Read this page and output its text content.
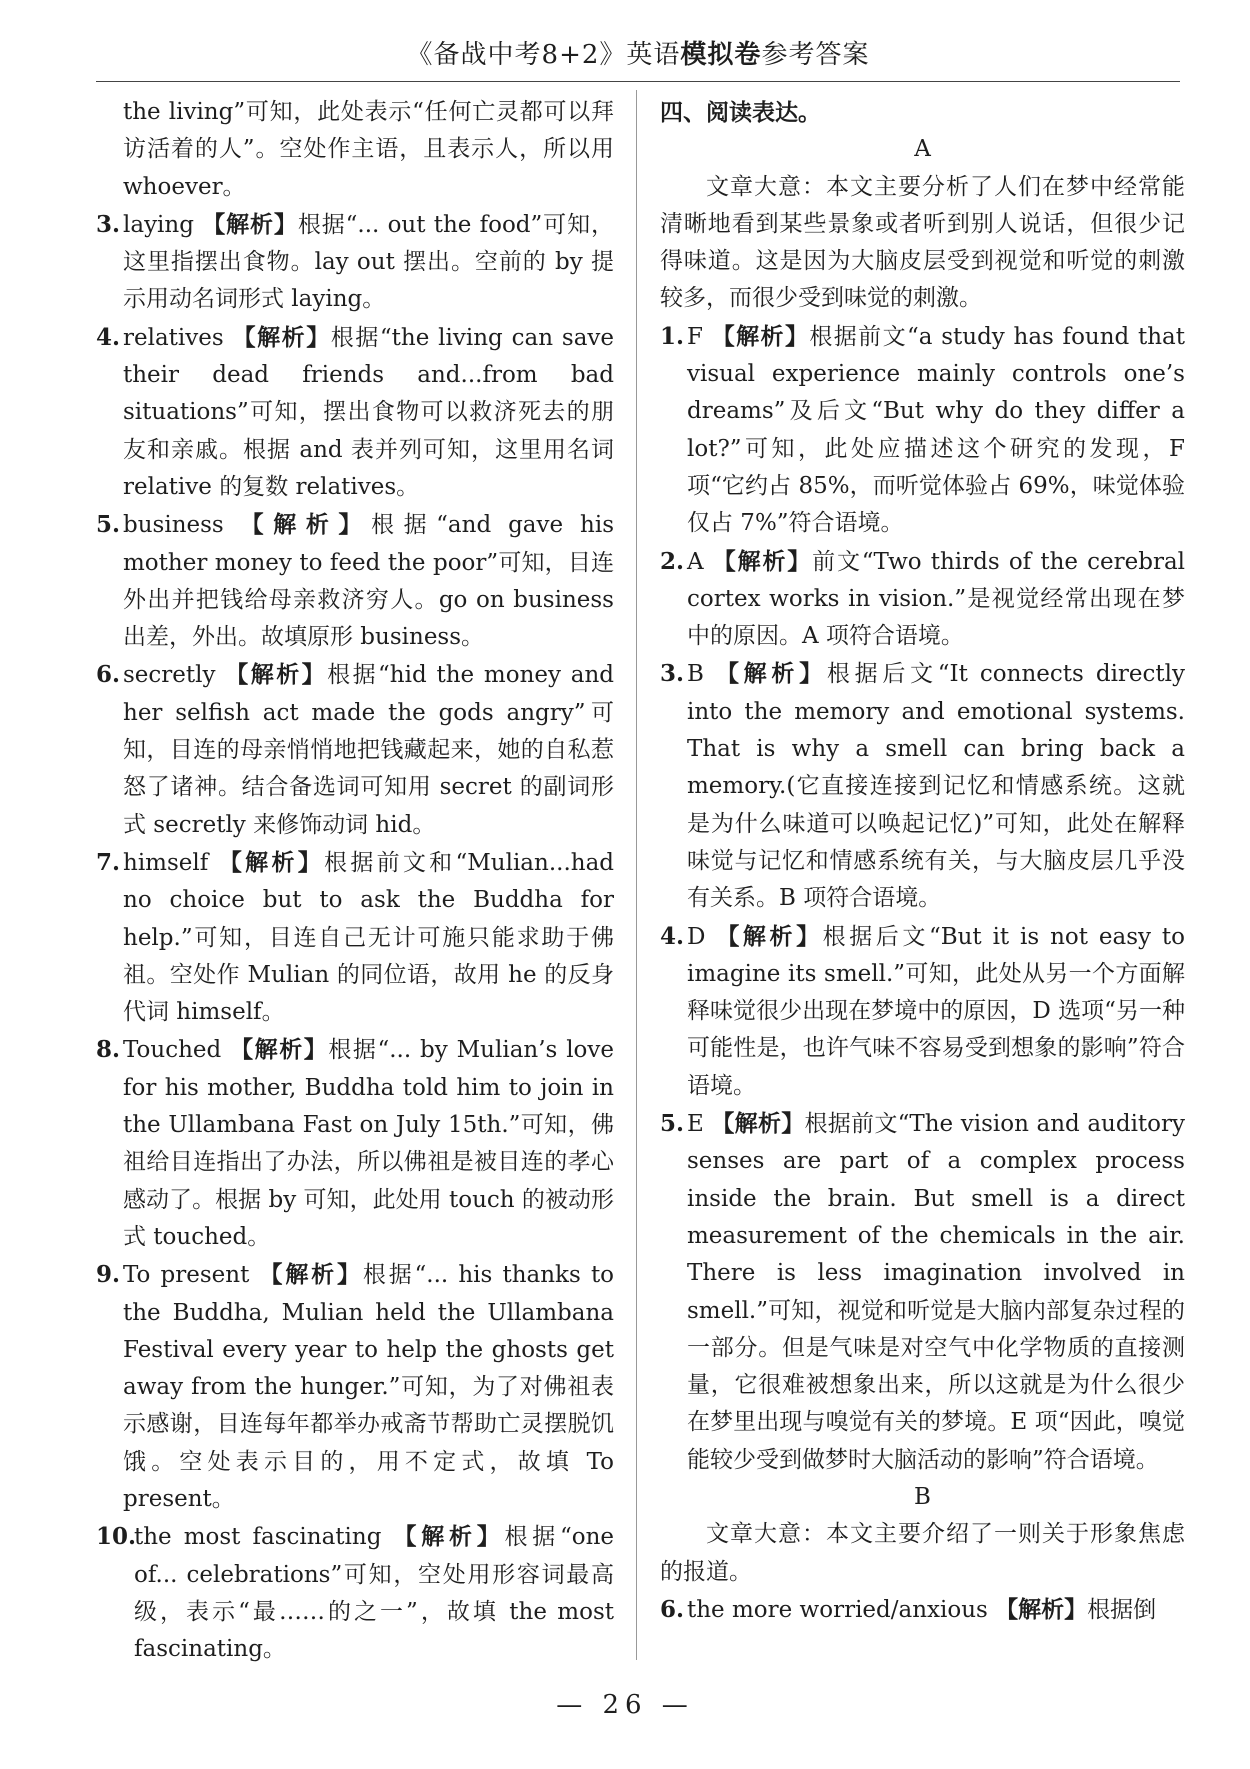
《备战中考8+2》英语模拟卷参考答案
the living”可知，此处表示“任何亡灵都可以拜访活着的人”。空处作主语，且表示人，所以用 whoever。
3. laying 【解析】根据“... out the food”可知，这里指摆出食物。lay out 摆出。空前的 by 提示用动名词形式 laying。
4. relatives 【解析】根据“the living can save their dead friends and...from bad situations”可知，摆出食物可以救济死去的朋友和亲戚。根据 and 表并列可知，这里用名词 relative 的复数 relatives。
5. business 【解析】根据“and gave his mother money to feed the poor”可知，目连外出并把钱给母亲救济穷人。go on business 出差，外出。故填原形 business。
6. secretly 【解析】根据“hid the money and her selfish act made the gods angry”可知，目连的母亲悄悄地把钱藏起来，她的自私惹怒了诸神。结合备选词可知用 secret 的副词形式 secretly 来修饰动词 hid。
7. himself 【解析】根据前文和“Mulian...had no choice but to ask the Buddha for help.”可知，目连自己无计可施只能求助于佛祖。空处作 Mulian 的同位语，故用 he 的反身代词 himself。
8. Touched 【解析】根据“... by Mulian’s love for his mother, Buddha told him to join in the Ullambana Fast on July 15th.”可知，佛祖给目连指出了办法，所以佛祖是被目连的孝心感动了。根据 by 可知，此处用 touch 的被动形式 touched。
9. To present 【解析】根据“... his thanks to the Buddha, Mulian held the Ullambana Festival every year to help the ghosts get away from the hunger.”可知，为了对佛祖表示感谢，目连每年都举办戒斋节帮助亡灵摆脱饥饿。空处表示目的，用不定式，故填 To present。
10.
the most fascinating 【解析】根据“one of... celebrations”可知，空处用形容词最高级，表示“最……的之一”，故填 the most fascinating。
四、阅读表达。
A
文章大意：本文主要分析了人们在梦中经常能清晰地看到某些景象或者听到别人说话，但很少记得味道。这是因为大脑皮层受到视觉和听觉的刺激较多，而很少受到味觉的刺激。
1. F 【解析】根据前文“a study has found that visual experience mainly controls one’s dreams”及后文“But why do they differ a lot?”可知，此处应描述这个研究的发现，F 项“它约占 85%，而听觉体验占 69%，味觉体验仅占 7%”符合语境。
2. A 【解析】前文“Two thirds of the cerebral cortex works in vision.”是视觉经常出现在梦中的原因。A 项符合语境。
3. B 【解析】根据后文“It connects directly into the memory and emotional systems. That is why a smell can bring back a memory.(它直接连接到记忆和情感系统。这就是为什么味道可以唤起记忆)”可知，此处在解释味觉与记忆和情感系统有关，与大脑皮层几乎没有关系。B 项符合语境。
4. D 【解析】根据后文“But it is not easy to imagine its smell.”可知，此处从另一个方面解释味觉很少出现在梦境中的原因，D 选项“另一种可能性是，也许气味不容易受到想象的影响”符合语境。
5. E 【解析】根据前文“The vision and auditory senses are part of a complex process inside the brain. But smell is a direct measurement of the chemicals in the air. There is less imagination involved in smell.”可知，视觉和听觉是大脑内部复杂过程的一部分。但是气味是对空气中化学物质的直接测量，它很难被想象出来，所以这就是为什么很少在梦里出现与嗅觉有关的梦境。E 项“因此，嗅觉能较少受到做梦时大脑活动的影响”符合语境。
B
文章大意：本文主要介绍了一则关于形象焦虑的报道。
6. the more worried/anxious 【解析】根据倒
— 26 —
